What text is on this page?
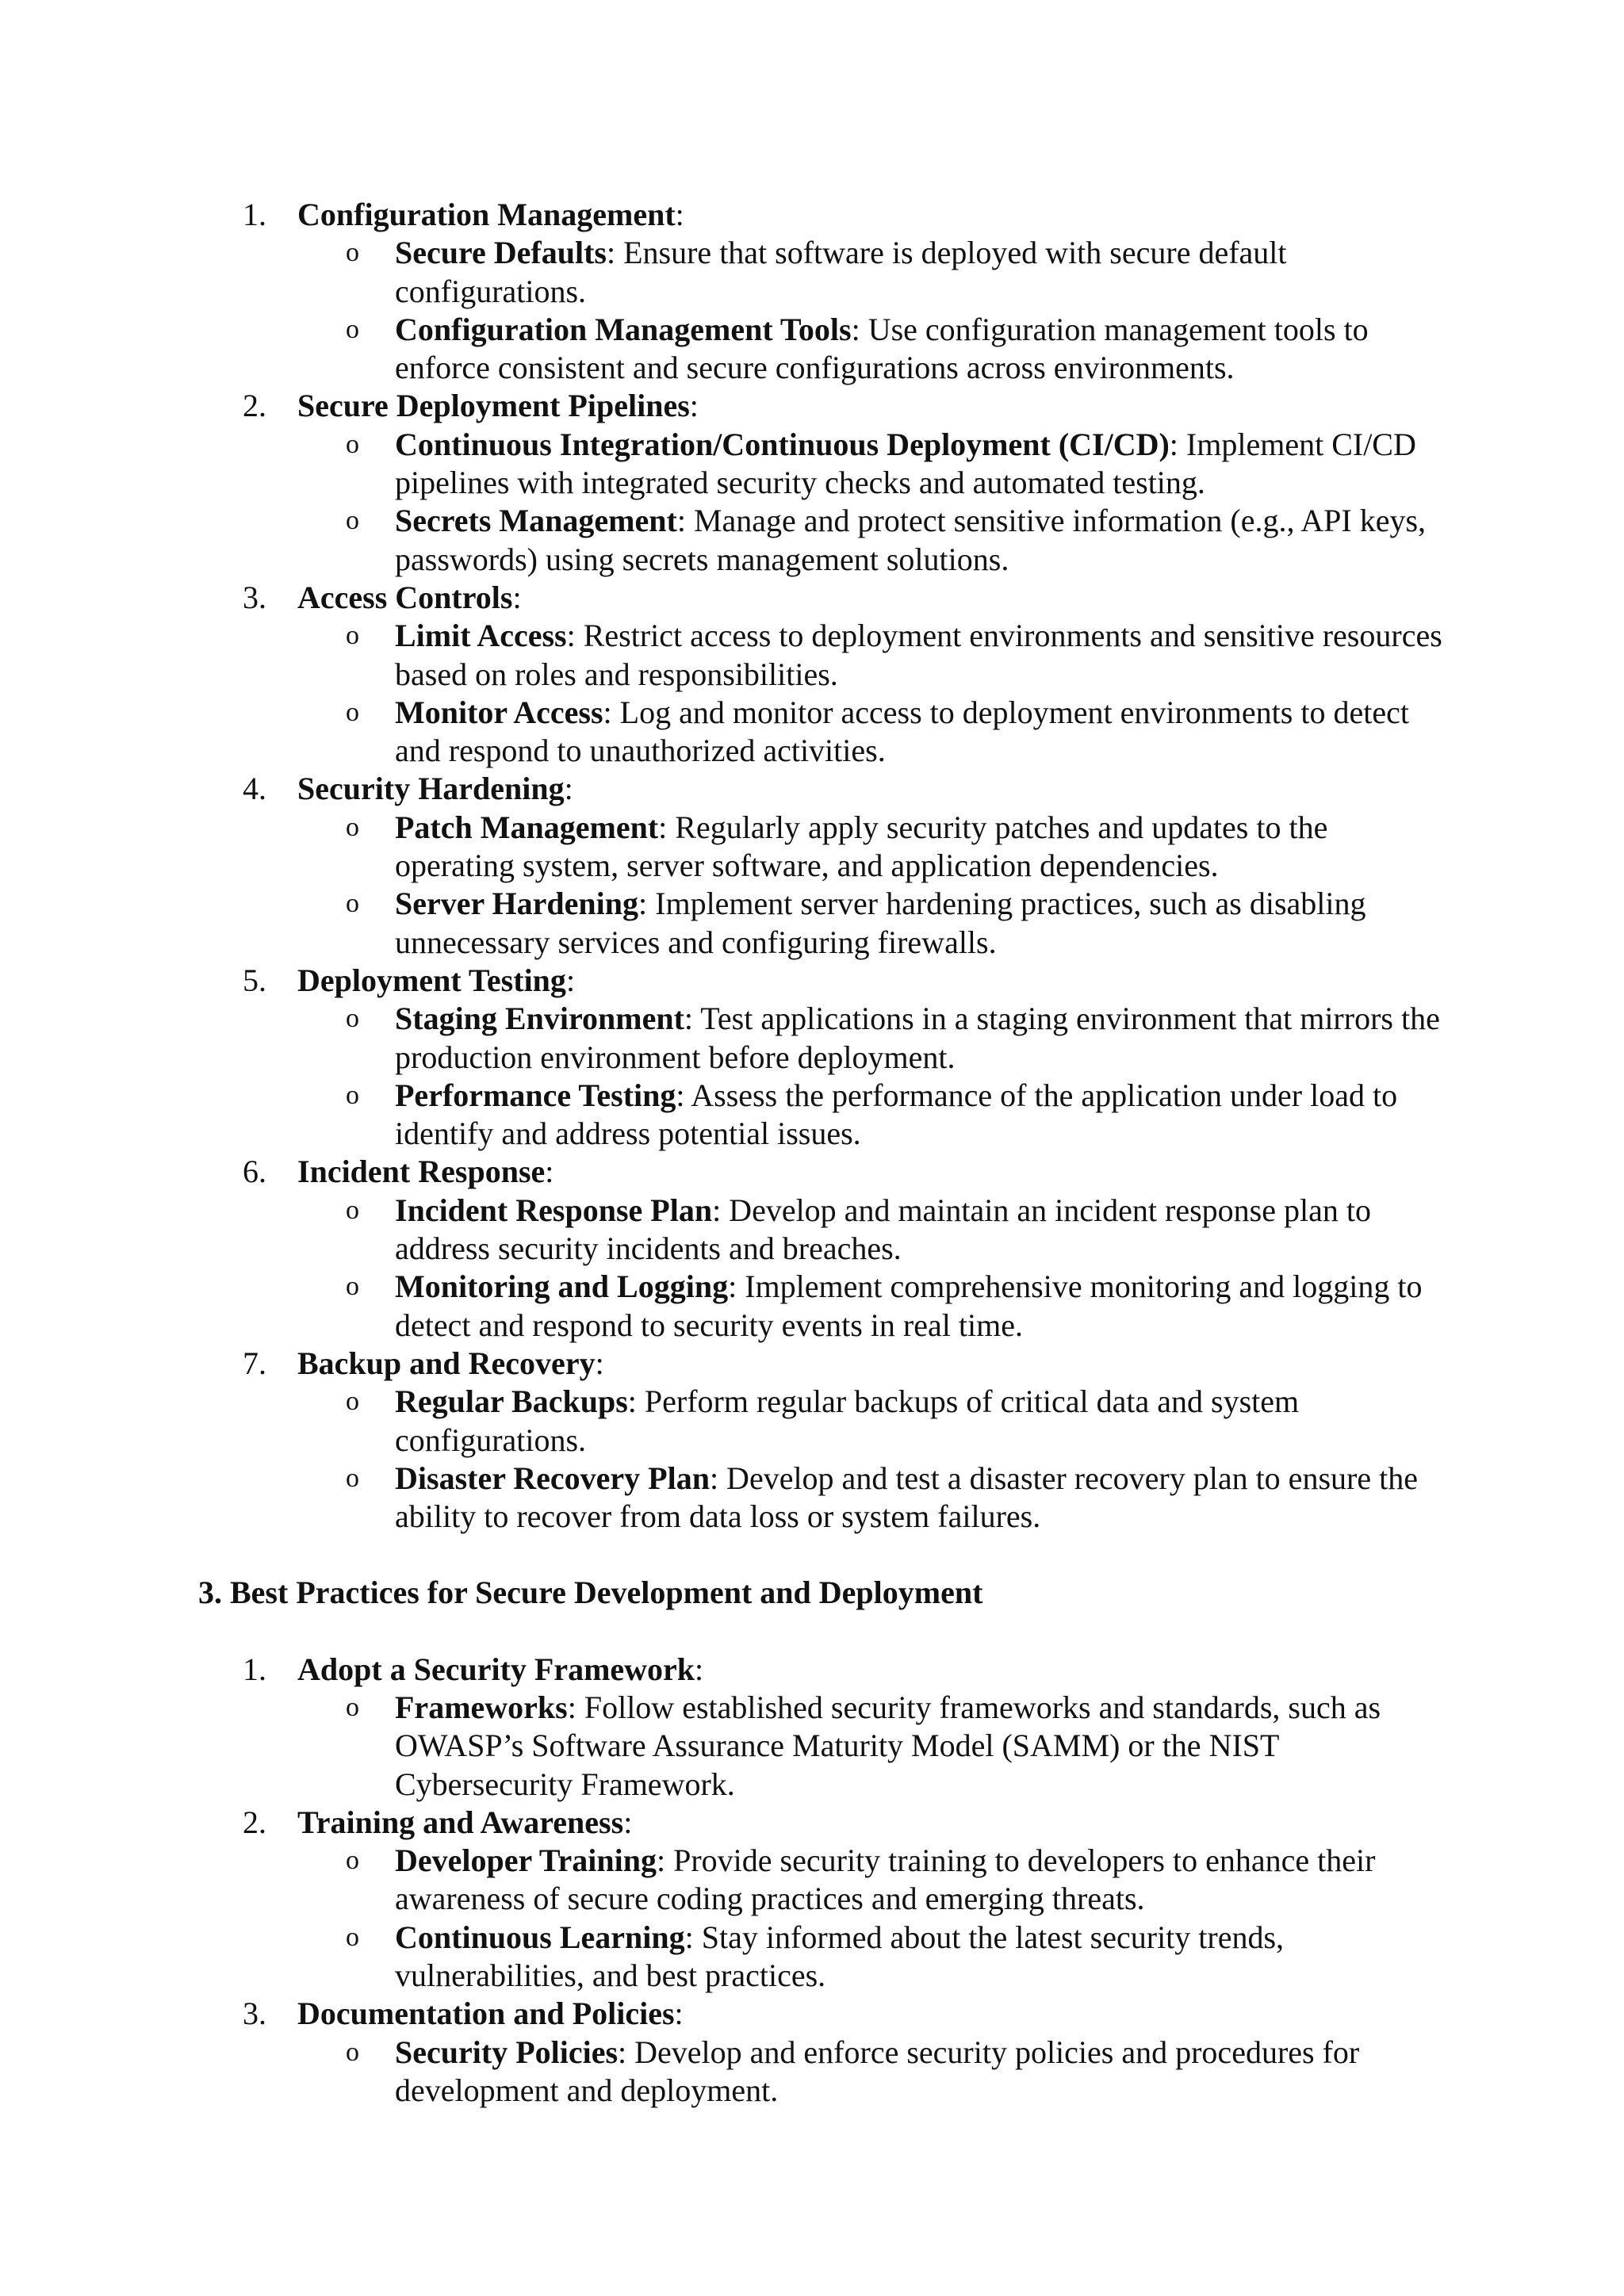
1. Configuration Management:
o Secure Defaults: Ensure that software is deployed with secure default configurations.
o Configuration Management Tools: Use configuration management tools to enforce consistent and secure configurations across environments.
2. Secure Deployment Pipelines:
o Continuous Integration/Continuous Deployment (CI/CD): Implement CI/CD pipelines with integrated security checks and automated testing.
o Secrets Management: Manage and protect sensitive information (e.g., API keys, passwords) using secrets management solutions.
3. Access Controls:
o Limit Access: Restrict access to deployment environments and sensitive resources based on roles and responsibilities.
o Monitor Access: Log and monitor access to deployment environments to detect and respond to unauthorized activities.
4. Security Hardening:
o Patch Management: Regularly apply security patches and updates to the operating system, server software, and application dependencies.
o Server Hardening: Implement server hardening practices, such as disabling unnecessary services and configuring firewalls.
5. Deployment Testing:
o Staging Environment: Test applications in a staging environment that mirrors the production environment before deployment.
o Performance Testing: Assess the performance of the application under load to identify and address potential issues.
6. Incident Response:
o Incident Response Plan: Develop and maintain an incident response plan to address security incidents and breaches.
o Monitoring and Logging: Implement comprehensive monitoring and logging to detect and respond to security events in real time.
7. Backup and Recovery:
o Regular Backups: Perform regular backups of critical data and system configurations.
o Disaster Recovery Plan: Develop and test a disaster recovery plan to ensure the ability to recover from data loss or system failures.
3. Best Practices for Secure Development and Deployment
1. Adopt a Security Framework:
o Frameworks: Follow established security frameworks and standards, such as OWASP’s Software Assurance Maturity Model (SAMM) or the NIST Cybersecurity Framework.
2. Training and Awareness:
o Developer Training: Provide security training to developers to enhance their awareness of secure coding practices and emerging threats.
o Continuous Learning: Stay informed about the latest security trends, vulnerabilities, and best practices.
3. Documentation and Policies:
o Security Policies: Develop and enforce security policies and procedures for development and deployment.
